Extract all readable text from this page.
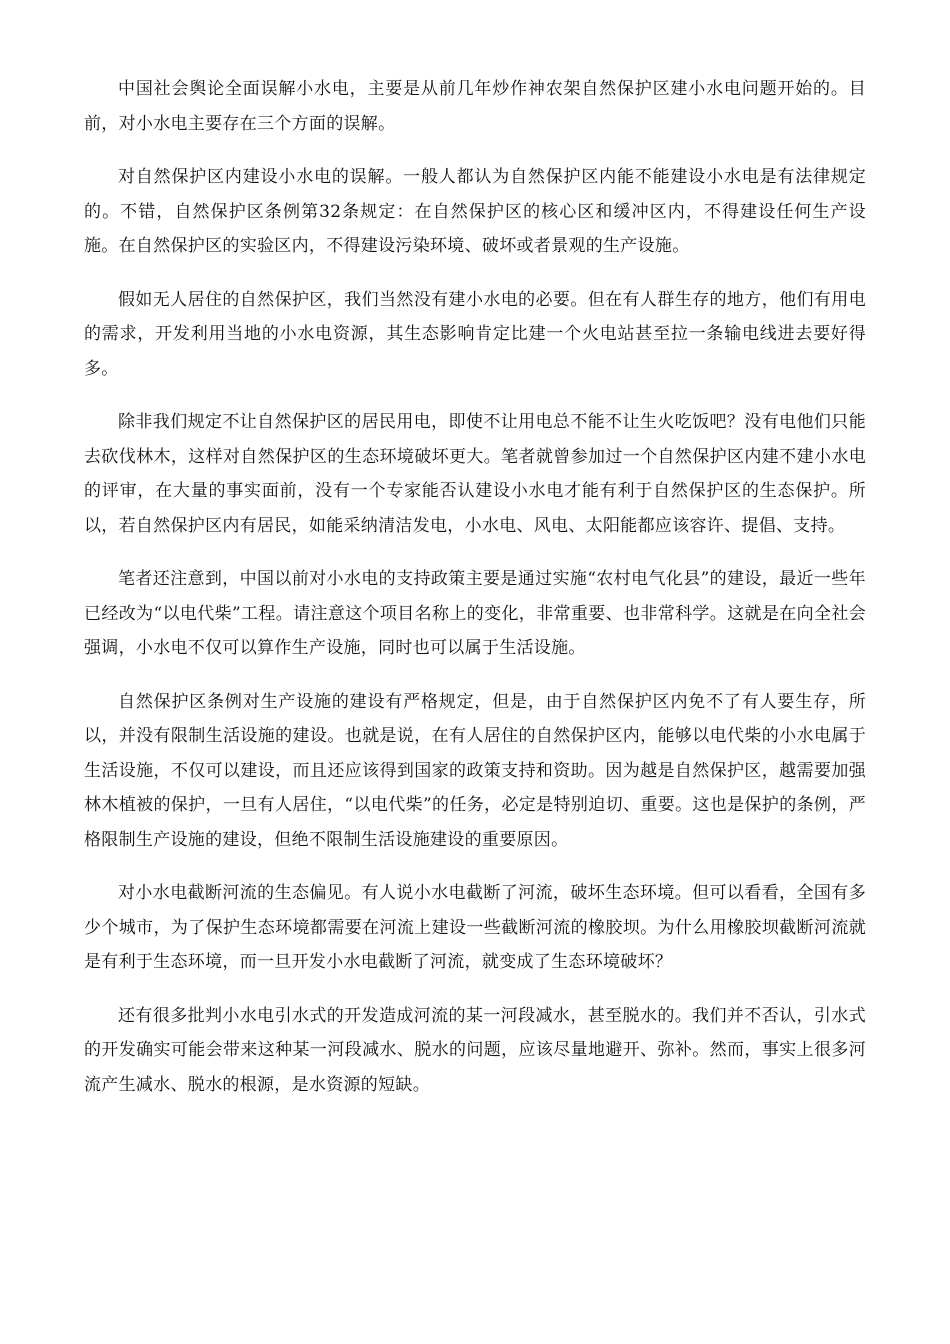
中国社会舆论全面误解小水电，主要是从前几年炒作神农架自然保护区建小水电问题开始的。目前，对小水电主要存在三个方面的误解。

对自然保护区内建设小水电的误解。一般人都认为自然保护区内能不能建设小水电是有法律规定的。不错，自然保护区条例第32条规定：在自然保护区的核心区和缓冲区内，不得建设任何生产设施。在自然保护区的实验区内，不得建设污染环境、破坏或者景观的生产设施。

假如无人居住的自然保护区，我们当然没有建小水电的必要。但在有人群生存的地方，他们有用电的需求，开发利用当地的小水电资源，其生态影响肯定比建一个火电站甚至拉一条输电线进去要好得多。

除非我们规定不让自然保护区的居民用电，即使不让用电总不能不让生火吃饭吧？没有电他们只能去砍伐林木，这样对自然保护区的生态环境破坏更大。笔者就曾参加过一个自然保护区内建不建小水电的评审，在大量的事实面前，没有一个专家能否认建设小水电才能有利于自然保护区的生态保护。所以，若自然保护区内有居民，如能采纳清洁发电，小水电、风电、太阳能都应该容许、提倡、支持。

笔者还注意到，中国以前对小水电的支持政策主要是通过实施“农村电气化县”的建设，最近一些年已经改为“以电代柴”工程。请注意这个项目名称上的变化，非常重要、也非常科学。这就是在向全社会强调，小水电不仅可以算作生产设施，同时也可以属于生活设施。

自然保护区条例对生产设施的建设有严格规定，但是，由于自然保护区内免不了有人要生存，所以，并没有限制生活设施的建设。也就是说，在有人居住的自然保护区内，能够以电代柴的小水电属于生活设施，不仅可以建设，而且还应该得到国家的政策支持和资助。因为越是自然保护区，越需要加强林木植被的保护，一旦有人居住，“以电代柴”的任务，必定是特别迫切、重要。这也是保护的条例，严格限制生产设施的建设，但绝不限制生活设施建设的重要原因。

对小水电截断河流的生态偏见。有人说小水电截断了河流，破坏生态环境。但可以看看，全国有多少个城市，为了保护生态环境都需要在河流上建设一些截断河流的橡胶坝。为什么用橡胶坝截断河流就是有利于生态环境，而一旦开发小水电截断了河流，就变成了生态环境破坏？

还有很多批判小水电引水式的开发造成河流的某一河段减水，甚至脱水的。我们并不否认，引水式的开发确实可能会带来这种某一河段减水、脱水的问题，应该尽量地避开、弥补。然而，事实上很多河流产生减水、脱水的根源，是水资源的短缺。
